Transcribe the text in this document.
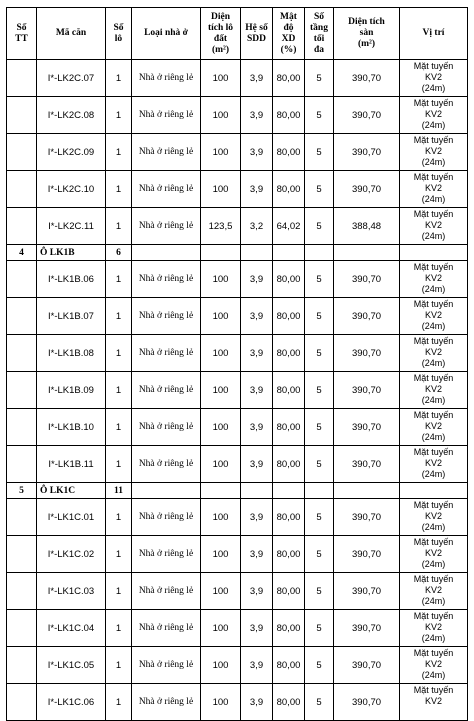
Số
TT	Mã căn	Số
lô	Loại nhà ở	Diện
tích lô
đất
(m²)	Hệ số
SDD	Mật
độ
XD
(%)	Số
tầng
tối
đa	Diện tích
sàn
(m²)	Vị trí
	I*-LK2C.07	1	Nhà ở riêng lẻ	100	3,9	80,00	5	390,70	Mặt tuyến
KV2
(24m)

	I*-LK2C.08	1	Nhà ở riêng lẻ	100	3,9	80,00	5	390,70	Mặt tuyến
KV2
(24m)

	I*-LK2C.09	1	Nhà ở riêng lẻ	100	3,9	80,00	5	390,70	Mặt tuyến
KV2
(24m)

	I*-LK2C.10	1	Nhà ở riêng lẻ	100	3,9	80,00	5	390,70	Mặt tuyến
KV2
(24m)

	I*-LK2C.11	1	Nhà ở riêng lẻ	123,5	3,2	64,02	5	388,48	Mặt tuyến
KV2
(24m)

4	Ô LK1B	6							
	I*-LK1B.06	1	Nhà ở riêng lẻ	100	3,9	80,00	5	390,70	Mặt tuyến
KV2
(24m)

	I*-LK1B.07	1	Nhà ở riêng lẻ	100	3,9	80,00	5	390,70	Mặt tuyến
KV2
(24m)

	I*-LK1B.08	1	Nhà ở riêng lẻ	100	3,9	80,00	5	390,70	Mặt tuyến
KV2
(24m)

	I*-LK1B.09	1	Nhà ở riêng lẻ	100	3,9	80,00	5	390,70	Mặt tuyến
KV2
(24m)

	I*-LK1B.10	1	Nhà ở riêng lẻ	100	3,9	80,00	5	390,70	Mặt tuyến
KV2
(24m)

	I*-LK1B.11	1	Nhà ở riêng lẻ	100	3,9	80,00	5	390,70	Mặt tuyến
KV2
(24m)

5	Ô LK1C	11							
	I*-LK1C.01	1	Nhà ở riêng lẻ	100	3,9	80,00	5	390,70	Mặt tuyến
KV2
(24m)

	I*-LK1C.02	1	Nhà ở riêng lẻ	100	3,9	80,00	5	390,70	Mặt tuyến
KV2
(24m)

	I*-LK1C.03	1	Nhà ở riêng lẻ	100	3,9	80,00	5	390,70	Mặt tuyến
KV2
(24m)

	I*-LK1C.04	1	Nhà ở riêng lẻ	100	3,9	80,00	5	390,70	Mặt tuyến
KV2
(24m)

	I*-LK1C.05	1	Nhà ở riêng lẻ	100	3,9	80,00	5	390,70	Mặt tuyến
KV2
(24m)

	I*-LK1C.06	1	Nhà ở riêng lẻ	100	3,9	80,00	5	390,70	Mặt tuyến
KV2
